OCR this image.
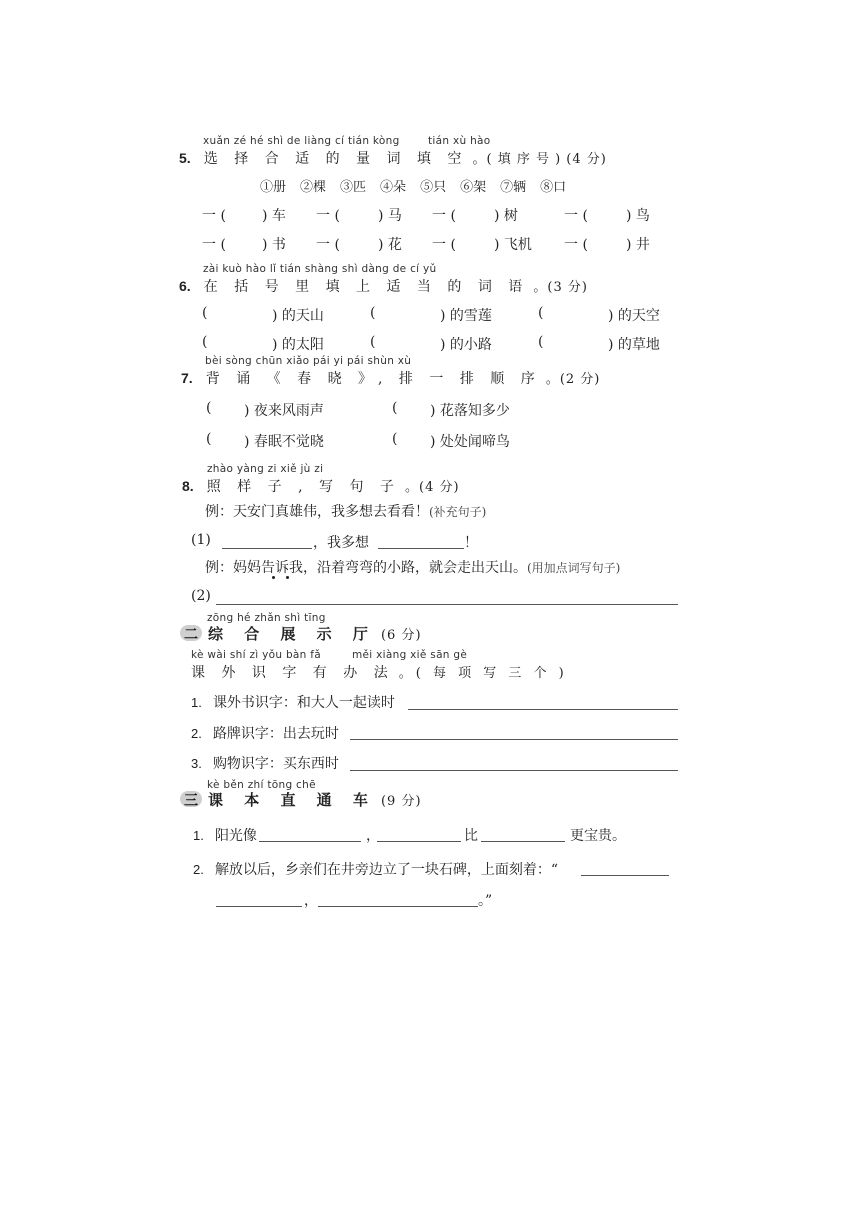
xuǎn zé hé shì de liàng cí tián kòng	tián xù hào
5. 选 择 合 适 的 量 词 填 空 。( 填 序 号 ) (4 分)
①册 ②棵 ③匹 ④朵 ⑤只 ⑥架 ⑦辆 ⑧口
一 (	) 车 一 (	) 马 一 (	) 树	一 (	) 鸟
一 (	) 书 一 (	) 花 一 (	) 飞机 一 (	) 井
zài kuò hào lǐ tián shàng shì dàng de cí yǔ
6. 在 括 号 里 填 上 适 当 的 词 语 。(3 分)
(	) 的天山	(	) 的雪莲	(	) 的天空
(	) 的太阳	(	) 的小路	(	) 的草地
bèi sòng chūn xiǎo pái yi pái shùn xù
7. 背 诵 《 春 晓 》, 排 一 排 顺 序 。(2 分)
( ) 夜来风雨声	( ) 花落知多少
( ) 春眠不觉晓	( ) 处处闻啼鸟
zhào yàng zi xiě jù zi
8. 照 样 子 , 写 句 子 。(4 分)
例：天安门真雄伟，我多想去看看！(补充句子)
(1)	，我多想	！
例：妈妈告诉我，沿着弯弯的小路，就会走出天山。(用加点词写句子)
(2)
zōng hé zhǎn shì tīng
二 综 合 展 示 厅 (6 分)
kè wài shí zì yǒu bàn fǎ	měi xiàng xiě sān gè
课 外 识 字 有 办 法 。( 每 项 写 三 个 )
1. 课外书识字：和大人一起读时
2. 路牌识字：出去玩时
3. 购物识字：买东西时
kè běn zhí tōng chē
三 课 本 直 通 车 (9 分)
1. 阳光像	，	比	更宝贵。
2. 解放以后，乡亲们在井旁边立了一块石碑，上面刻着：“
，	。”
